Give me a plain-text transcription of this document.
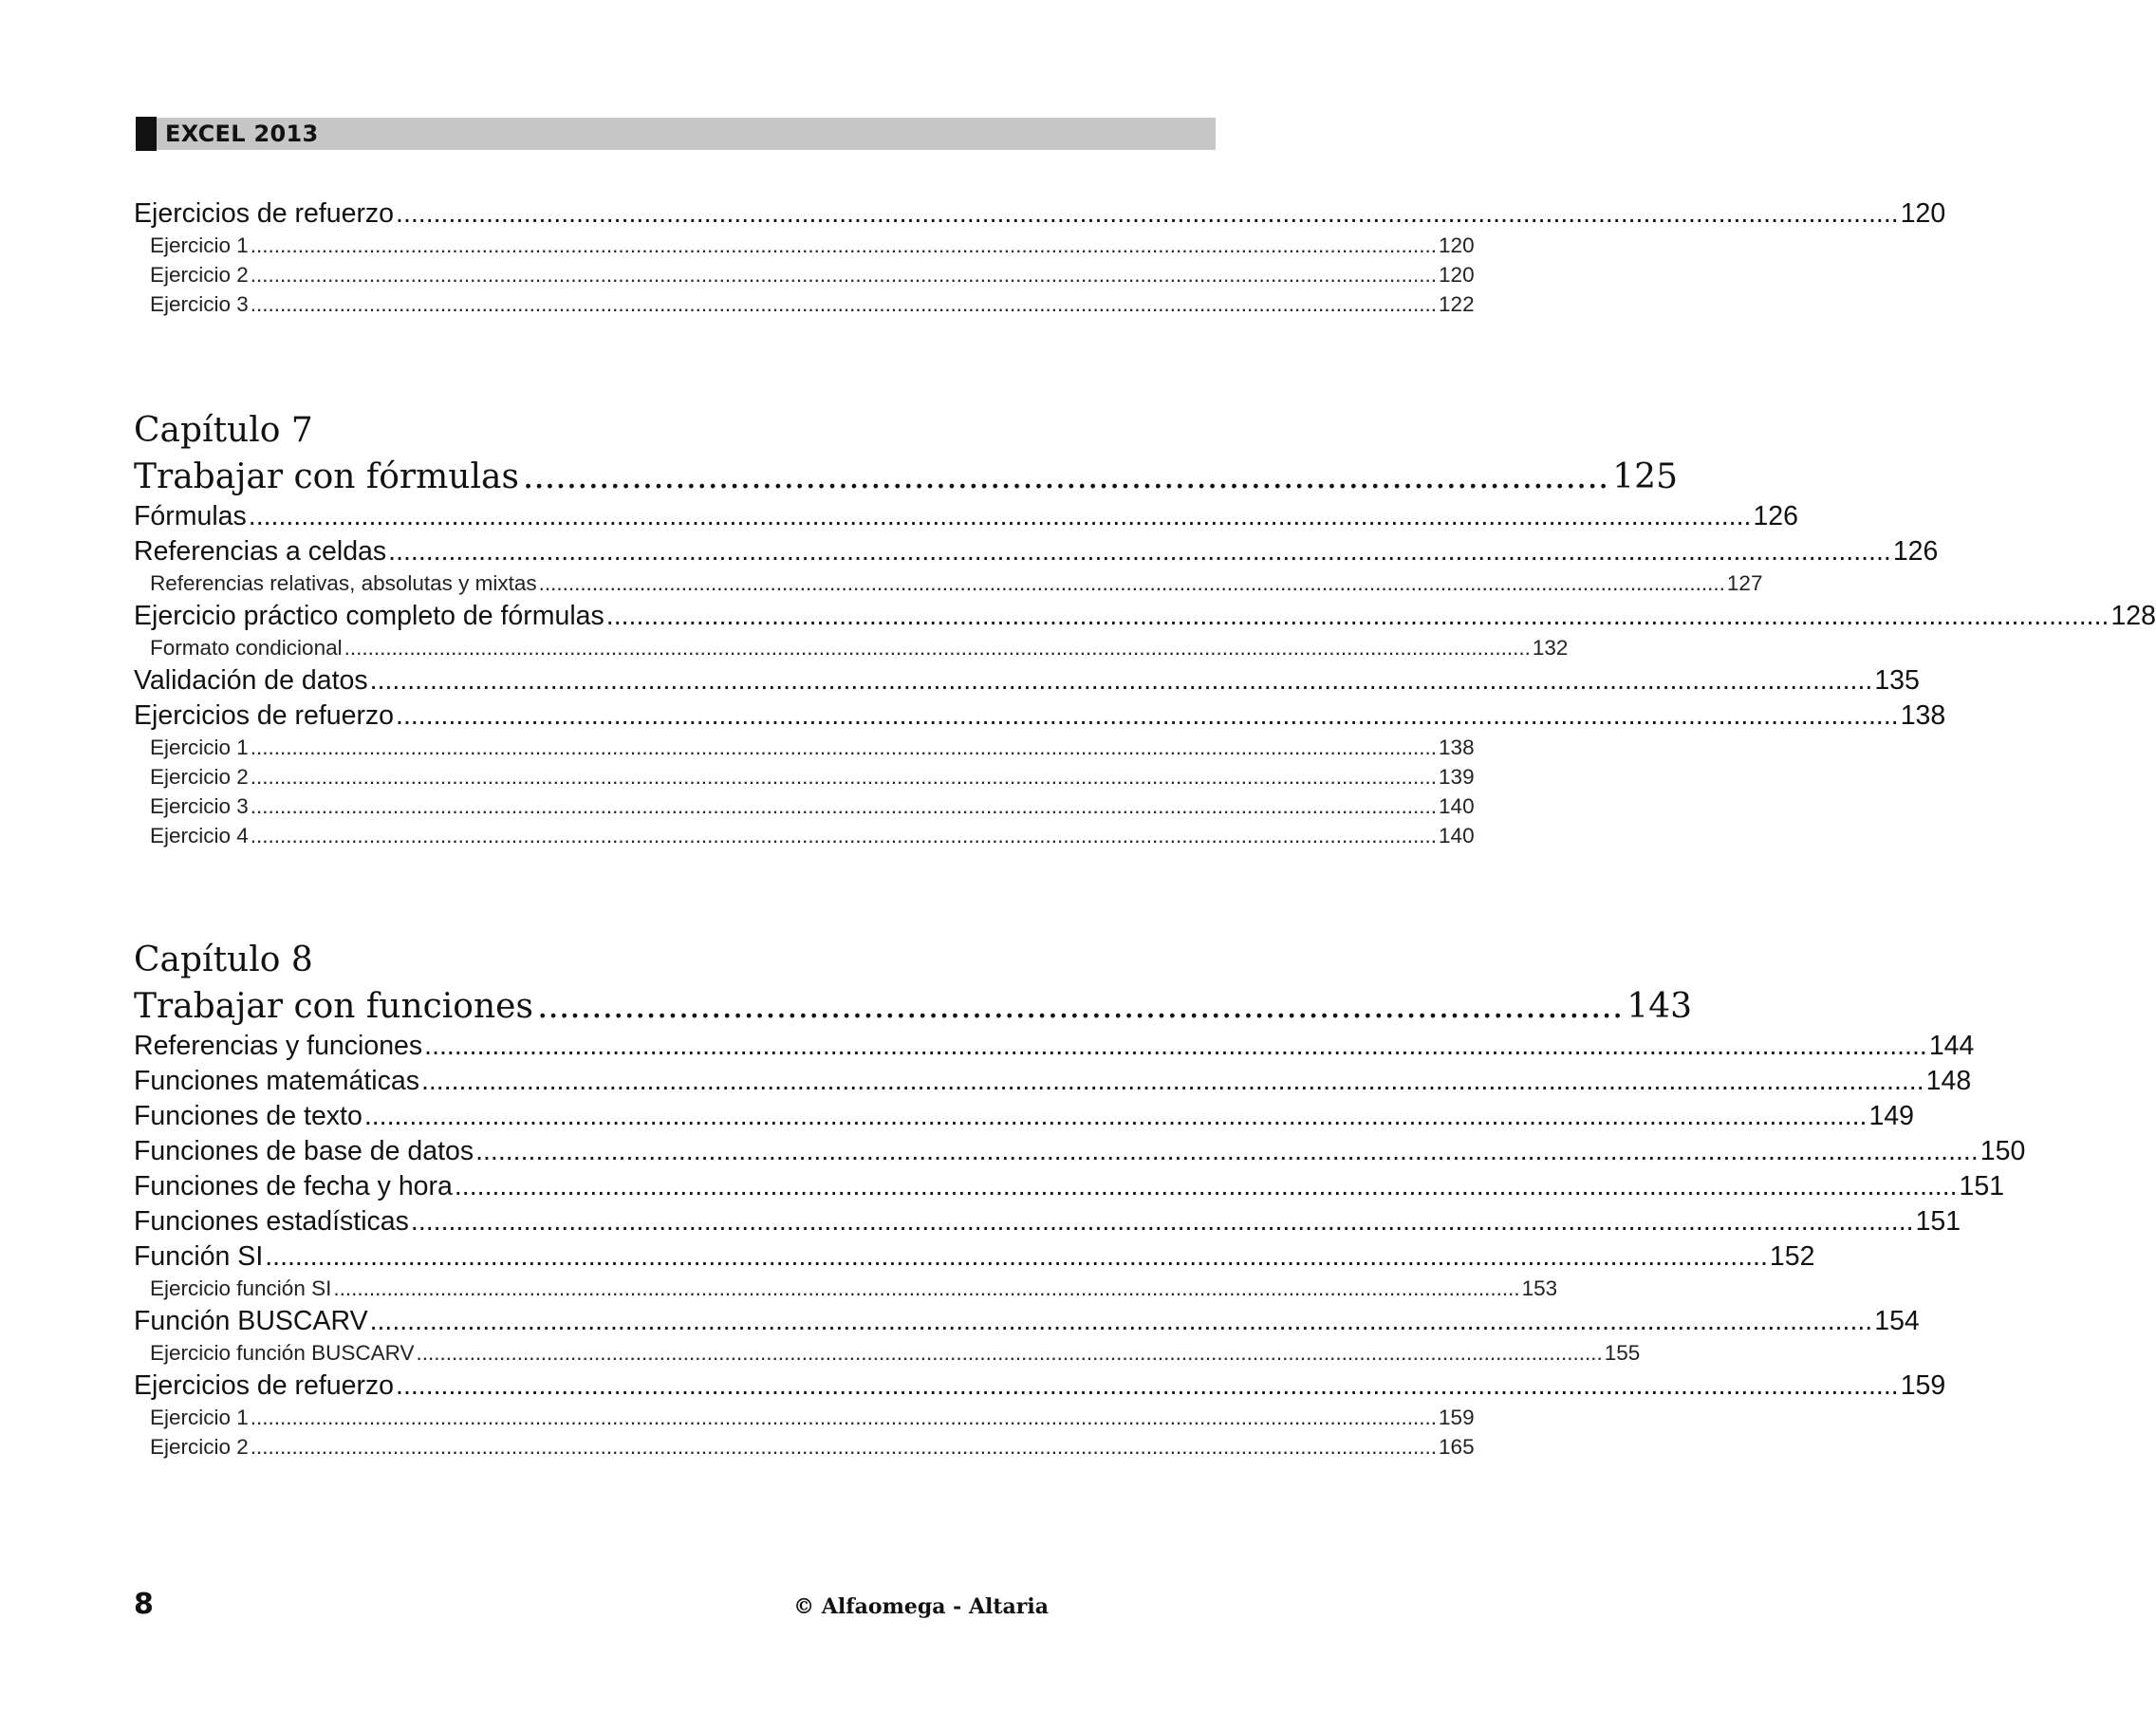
EXCEL 2013
Ejercicios de refuerzo ........................................................................................................................................................................................................ 120
Ejercicio 1 ........................................................................................................................................................................................................ 120
Ejercicio 2 ........................................................................................................................................................................................................ 120
Ejercicio 3 ........................................................................................................................................................................................................ 122
Capítulo 7
Trabajar con fórmulas .................................................................................................... 125
Fórmulas ........................................................................................................................................................................................................ 126
Referencias a celdas ........................................................................................................................................................................................................ 126
Referencias relativas, absolutas y mixtas ........................................................................................................................................................................................................ 127
Ejercicio práctico completo de fórmulas ........................................................................................................................................................................................................ 128
Formato condicional ........................................................................................................................................................................................................ 132
Validación de datos ........................................................................................................................................................................................................ 135
Ejercicios de refuerzo ........................................................................................................................................................................................................ 138
Ejercicio 1 ........................................................................................................................................................................................................ 138
Ejercicio 2 ........................................................................................................................................................................................................ 139
Ejercicio 3 ........................................................................................................................................................................................................ 140
Ejercicio 4 ........................................................................................................................................................................................................ 140
Capítulo 8
Trabajar con funciones .................................................................................................... 143
Referencias y funciones ........................................................................................................................................................................................................ 144
Funciones matemáticas ........................................................................................................................................................................................................ 148
Funciones de texto ........................................................................................................................................................................................................ 149
Funciones de base de datos ........................................................................................................................................................................................................ 150
Funciones de fecha y hora ........................................................................................................................................................................................................ 151
Funciones estadísticas ........................................................................................................................................................................................................ 151
Función SI ........................................................................................................................................................................................................ 152
Ejercicio función SI ........................................................................................................................................................................................................ 153
Función BUSCARV ........................................................................................................................................................................................................ 154
Ejercicio función BUSCARV ........................................................................................................................................................................................................ 155
Ejercicios de refuerzo ........................................................................................................................................................................................................ 159
Ejercicio 1 ........................................................................................................................................................................................................ 159
Ejercicio 2 ........................................................................................................................................................................................................ 165
8	© Alfaomega - Altaria
